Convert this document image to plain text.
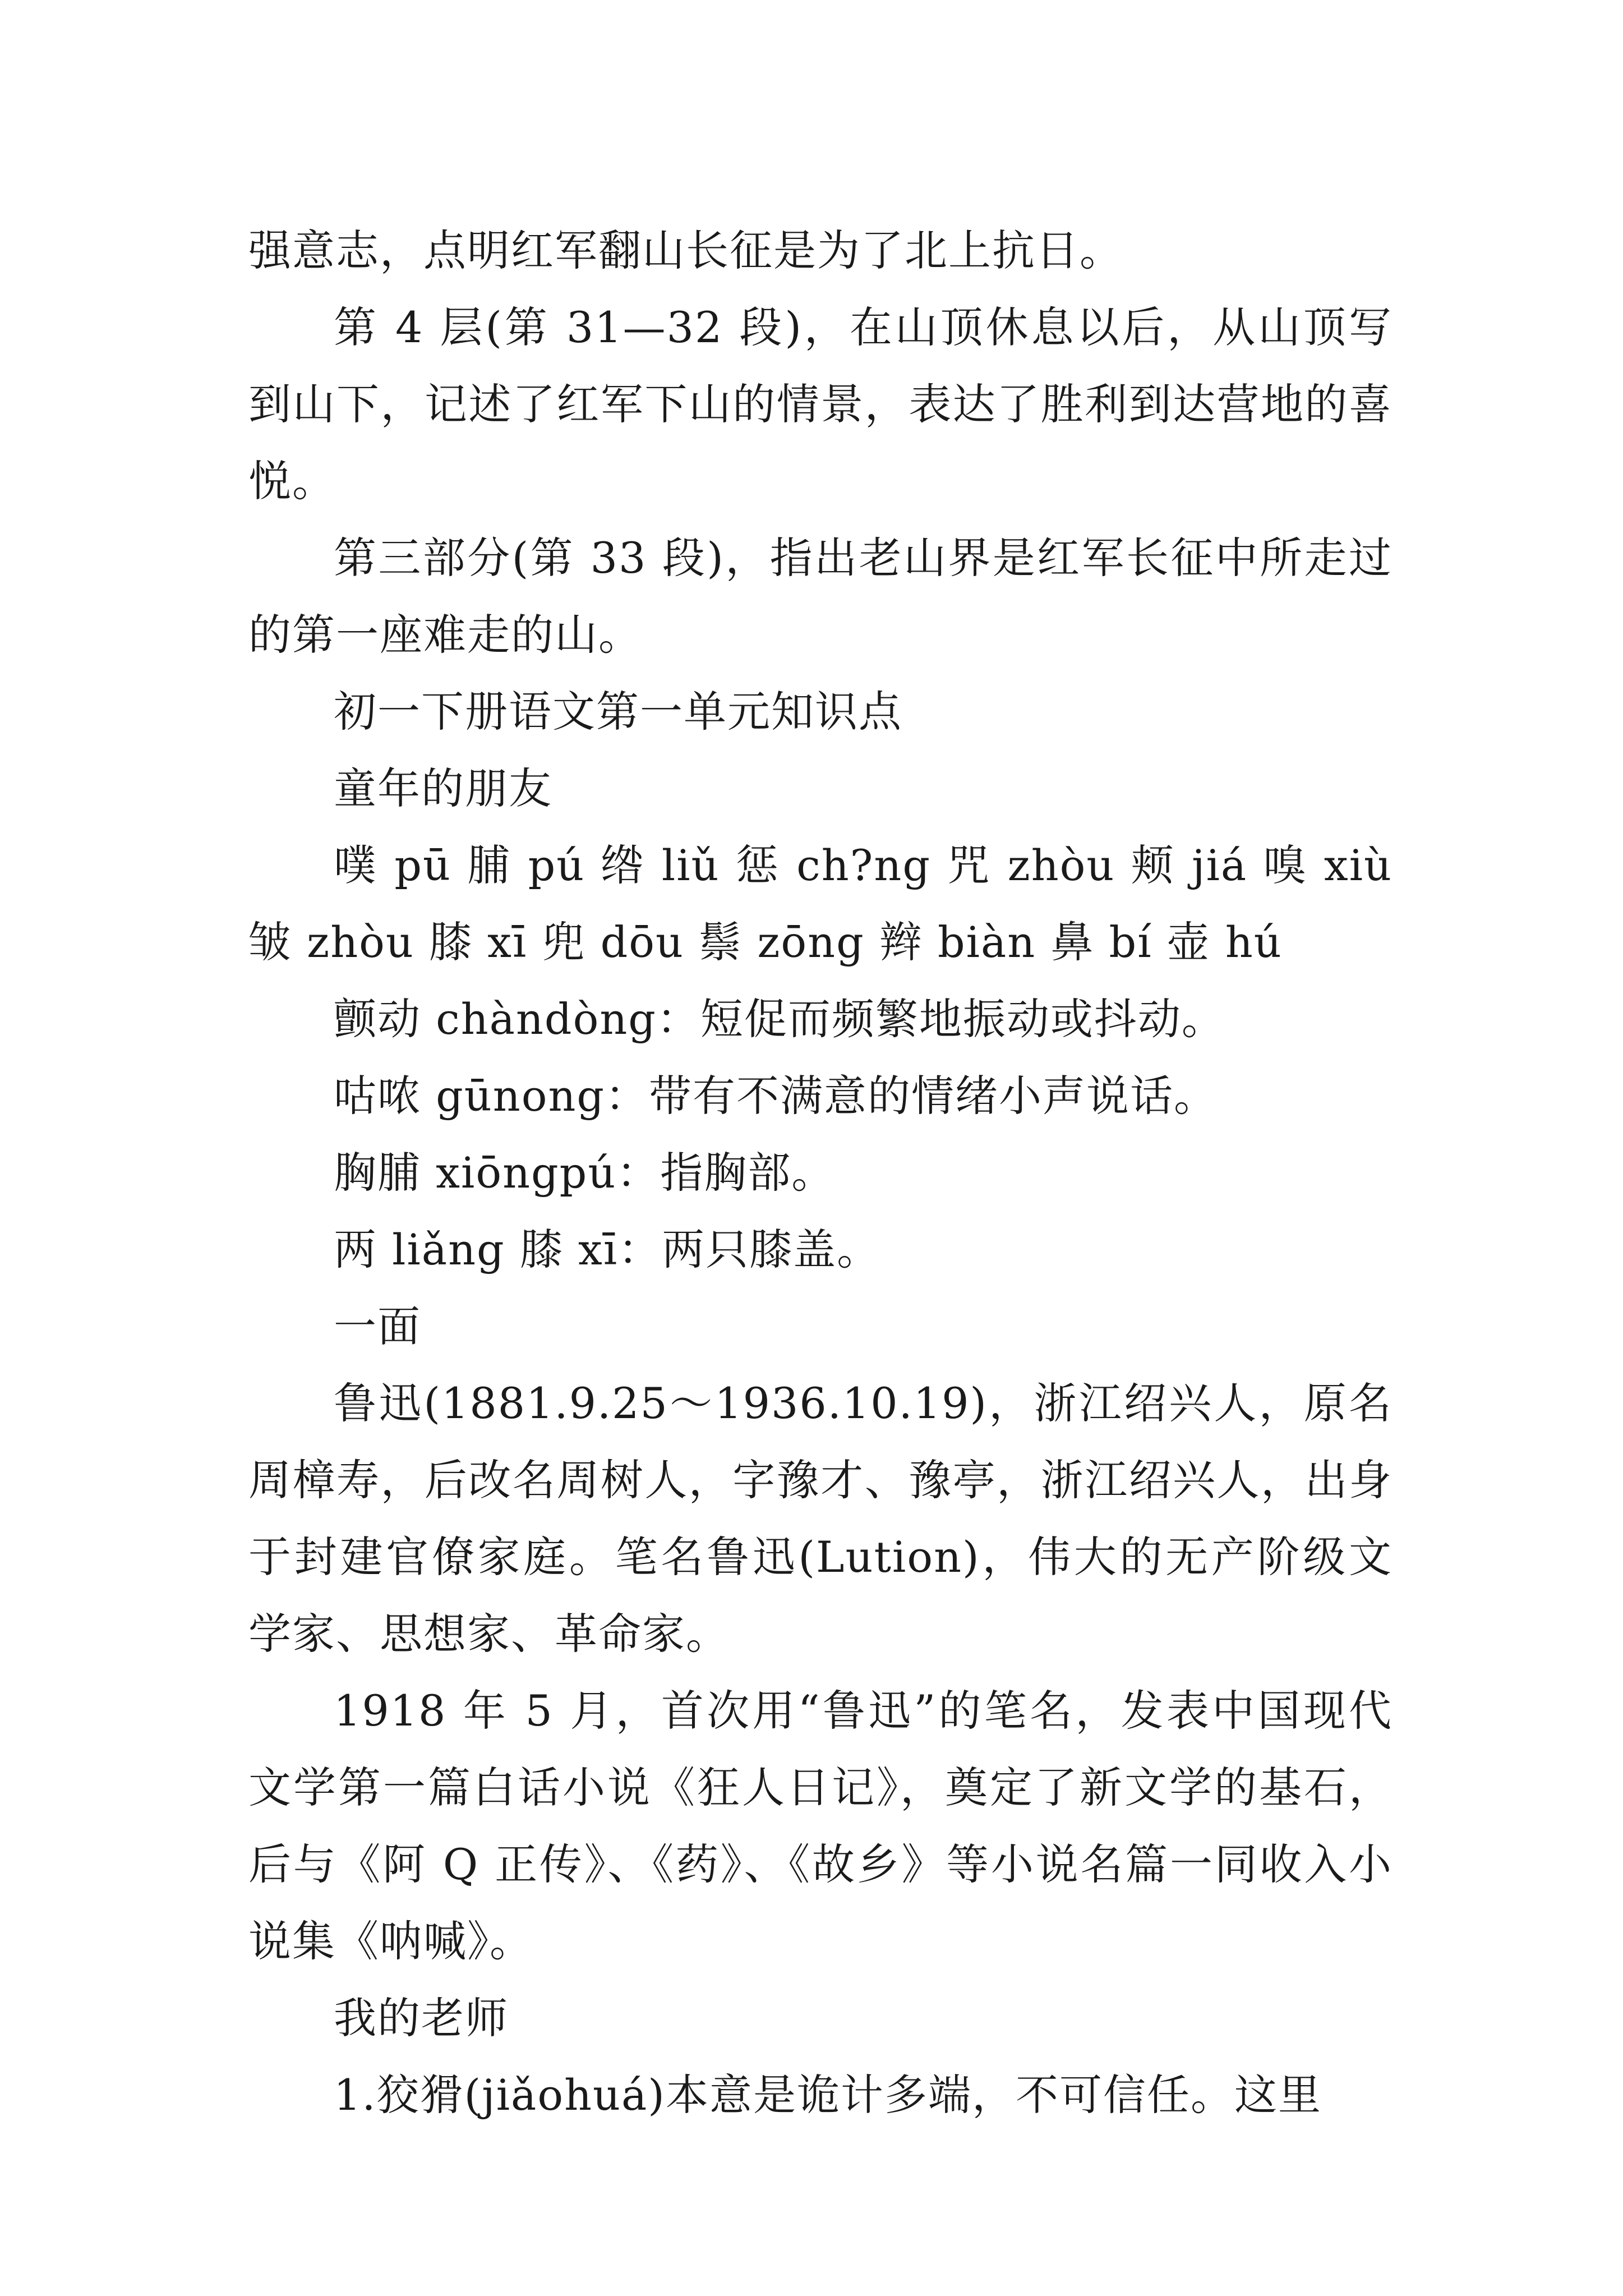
强意志，点明红军翻山长征是为了北上抗日。

第 4 层(第 31—32 段)，在山顶休息以后，从山顶写到山下，记述了红军下山的情景，表达了胜利到达营地的喜悦。

第三部分(第 33 段)，指出老山界是红军长征中所走过的第一座难走的山。

初一下册语文第一单元知识点

童年的朋友

噗 pū 脯 pú 绺 liǔ 惩 ch?ng 咒 zhòu 颊 jiá 嗅 xiù 皱 zhòu 膝 xī 兜 dōu 鬃 zōng 辫 biàn 鼻 bí 壶 hú

颤动 chàndòng：短促而频繁地振动或抖动。

咕哝 gūnong：带有不满意的情绪小声说话。

胸脯 xiōngpú：指胸部。

两 liǎng 膝 xī：两只膝盖。

一面

鲁迅(1881.9.25～1936.10.19)，浙江绍兴人，原名周樟寿，后改名周树人，字豫才、豫亭，浙江绍兴人，出身于封建官僚家庭。笔名鲁迅(Lution)，伟大的无产阶级文学家、思想家、革命家。

1918 年 5 月，首次用“鲁迅”的笔名，发表中国现代文学第一篇白话小说《狂人日记》，奠定了新文学的基石，后与《阿 Q 正传》、《药》、《故乡》等小说名篇一同收入小说集《呐喊》。

我的老师

1.狡猾(jiǎohuá)本意是诡计多端，不可信任。这里
